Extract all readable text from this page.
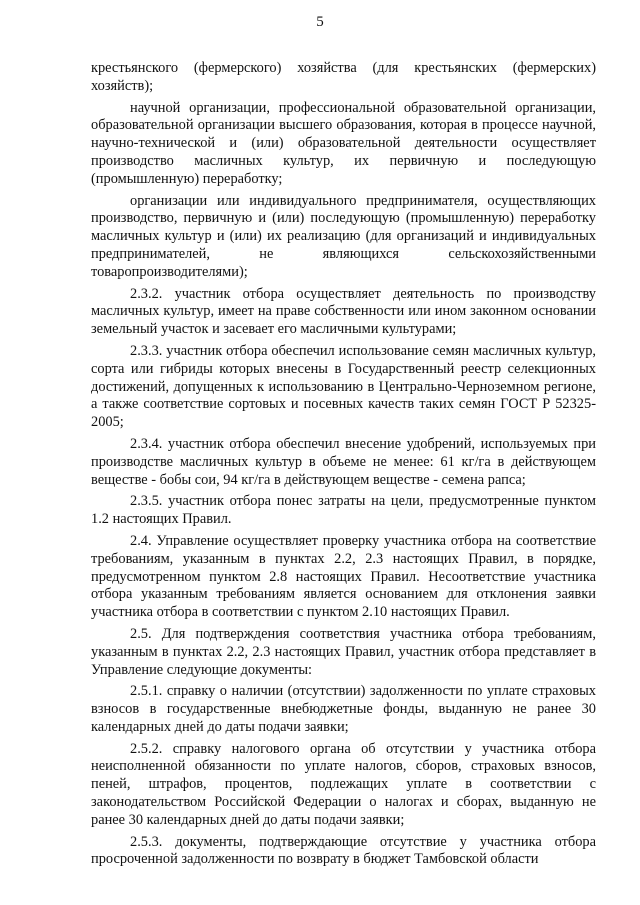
5

крестьянского (фермерского) хозяйства (для крестьянских (фермерских) хозяйств);

научной организации, профессиональной образовательной организации, образовательной организации высшего образования, которая в процессе научной, научно-технической и (или) образовательной деятельности осуществляет производство масличных культур, их первичную и последующую (промышленную) переработку;

организации или индивидуального предпринимателя, осуществляющих производство, первичную и (или) последующую (промышленную) переработку масличных культур и (или) их реализацию (для организаций и индивидуальных предпринимателей, не являющихся сельскохозяйственными товаропроизводителями);

2.3.2. участник отбора осуществляет деятельность по производству масличных культур, имеет на праве собственности или ином законном основании земельный участок и засевает его масличными культурами;

2.3.3. участник отбора обеспечил использование семян масличных культур, сорта или гибриды которых внесены в Государственный реестр селекционных достижений, допущенных к использованию в Центрально-Черноземном регионе, а также соответствие сортовых и посевных качеств таких семян ГОСТ Р 52325-2005;

2.3.4. участник отбора обеспечил внесение удобрений, используемых при производстве масличных культур в объеме не менее: 61 кг/га в действующем веществе - бобы сои, 94 кг/га в действующем веществе - семена рапса;

2.3.5. участник отбора понес затраты на цели, предусмотренные пунктом 1.2 настоящих Правил.

2.4. Управление осуществляет проверку участника отбора на соответствие требованиям, указанным в пунктах 2.2, 2.3 настоящих Правил, в порядке, предусмотренном пунктом 2.8 настоящих Правил. Несоответствие участника отбора указанным требованиям является основанием для отклонения заявки участника отбора в соответствии с пунктом 2.10 настоящих Правил.

2.5. Для подтверждения соответствия участника отбора требованиям, указанным в пунктах 2.2, 2.3 настоящих Правил, участник отбора представляет в Управление следующие документы:

2.5.1. справку о наличии (отсутствии) задолженности по уплате страховых взносов в государственные внебюджетные фонды, выданную не ранее 30 календарных дней до даты подачи заявки;

2.5.2. справку налогового органа об отсутствии у участника отбора неисполненной обязанности по уплате налогов, сборов, страховых взносов, пеней, штрафов, процентов, подлежащих уплате в соответствии с законодательством Российской Федерации о налогах и сборах, выданную не ранее 30 календарных дней до даты подачи заявки;

2.5.3. документы, подтверждающие отсутствие у участника отбора просроченной задолженности по возврату в бюджет Тамбовской области
